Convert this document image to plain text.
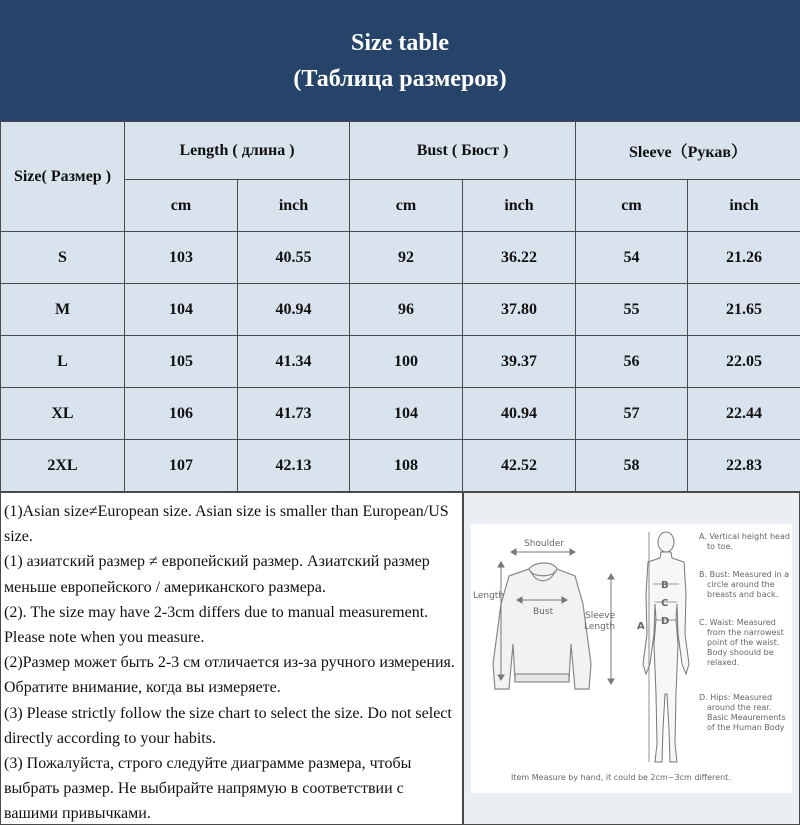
Size table
(Таблица размеров)
Size( Размер )	Length ( длина )		Bust ( Бюст )		Sleeve（Рукав）	
	cm	inch	cm	inch	cm	inch
S	103	40.55	92	36.22	54	21.26
M	104	40.94	96	37.80	55	21.65
L	105	41.34	100	39.37	56	22.05
XL	106	41.73	104	40.94	57	22.44
2XL	107	42.13	108	42.52	58	22.83

(1)Asian size≠European size. Asian size is smaller than European/US size.

(1) азиатский размер ≠ европейский размер. Азиатский размер меньше европейского / американского размера.

(2). The size may have 2-3cm differs due to manual measurement. Please note when you measure.

(2)Размер может быть 2-3 см отличается из-за ручного измерения. Обратите внимание, когда вы измеряете.

(3) Please strictly follow the size chart to select the size. Do not select directly according to your habits.

(3) Пожалуйста, строго следуйте диаграмме размера, чтобы выбрать размер. Не выбирайте напрямую в соответствии с вашими привычками.

Shoulder
Length
Bust	Sleeve
Length
B
C
D
A
A. Vertical height head
to toe.
B. Bust: Measured in a
circle around the
breasts and back.
C. Waist: Measured
from the narrowest
point of the waist.
Body shoould be
relaxed.
D. Hips: Measured
around the rear.
Basic Meaurements
of the Human Body
Item Measure by hand, it could be 2cm~3cm different.
